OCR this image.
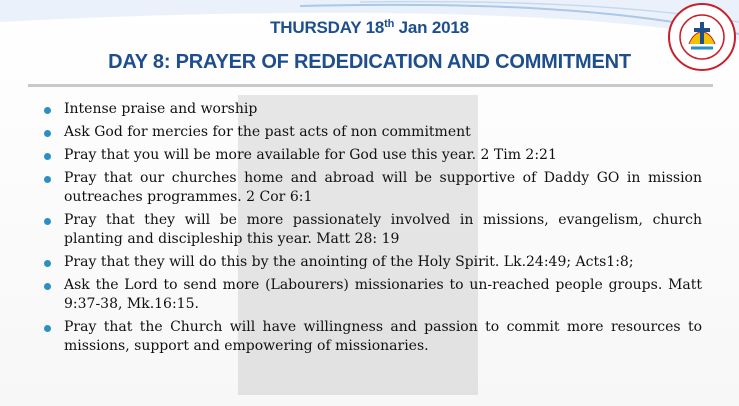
THURSDAY 18th Jan 2018
DAY 8: PRAYER OF REDEDICATION AND COMMITMENT
Intense praise and worship
Ask God for mercies for the past acts of non commitment
Pray that you will be more available for God use this year. 2 Tim 2:21
Pray that our churches home and abroad will be supportive of Daddy GO in mission outreaches programmes. 2 Cor 6:1
Pray that they will be more passionately involved in missions, evangelism, church planting and discipleship this year. Matt 28: 19
Pray that they will do this by the anointing of the Holy Spirit. Lk.24:49; Acts1:8;
Ask the Lord to send more (Labourers) missionaries to un-reached people groups. Matt 9:37-38, Mk.16:15.
Pray that the Church will have willingness and passion to commit more resources to missions, support and empowering of missionaries.
